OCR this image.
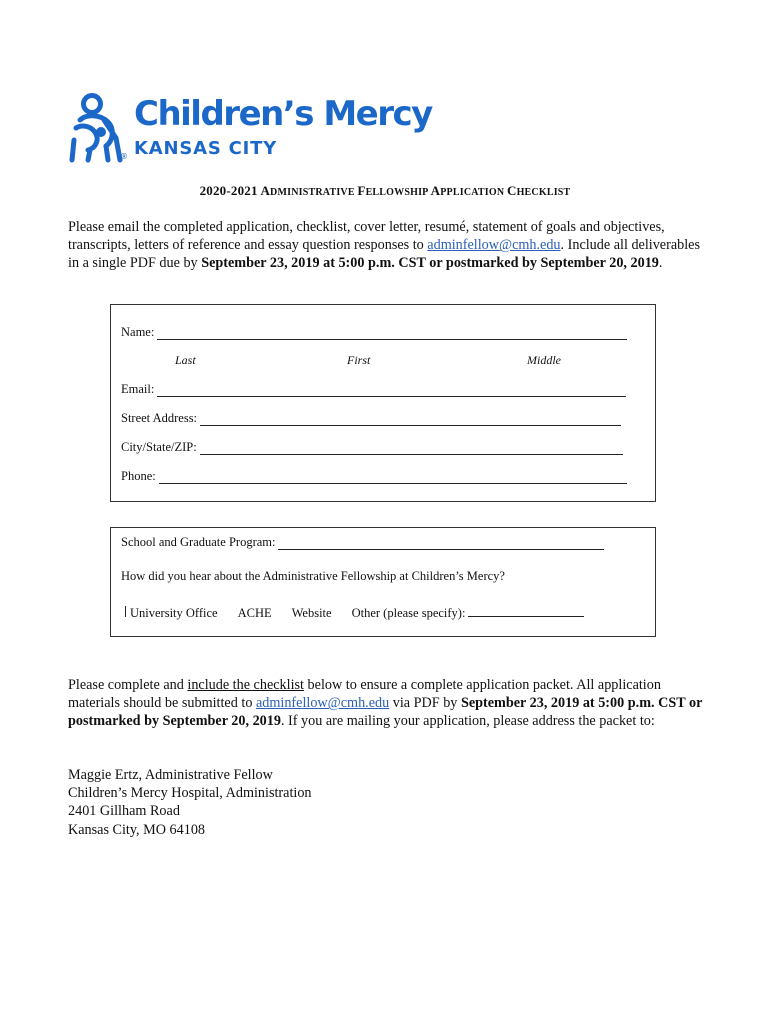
®
Children’s Mercy
KANSAS CITY
2020-2021 ADMINISTRATIVE FELLOWSHIP APPLICATION CHECKLIST

Please email the completed application, checklist, cover letter, resumé, statement of goals and objectives, transcripts, letters of reference and essay question responses to adminfellow@cmh.edu. Include all deliverables in a single PDF due by September 23, 2019 at 5:00 p.m. CST or postmarked by September 20, 2019.

Name:
Last	First	Middle
Email:
Street Address:
City/State/ZIP:
Phone:
School and Graduate Program:
How did you hear about the Administrative Fellowship at Children’s Mercy?
University Office ACHE Website Other (please specify):

Please complete and include the checklist below to ensure a complete application packet. All application materials should be submitted to adminfellow@cmh.edu via PDF by September 23, 2019 at 5:00 p.m. CST or postmarked by September 20, 2019. If you are mailing your application, please address the packet to:

Maggie Ertz, Administrative Fellow
Children’s Mercy Hospital, Administration
2401 Gillham Road
Kansas City, MO 64108
